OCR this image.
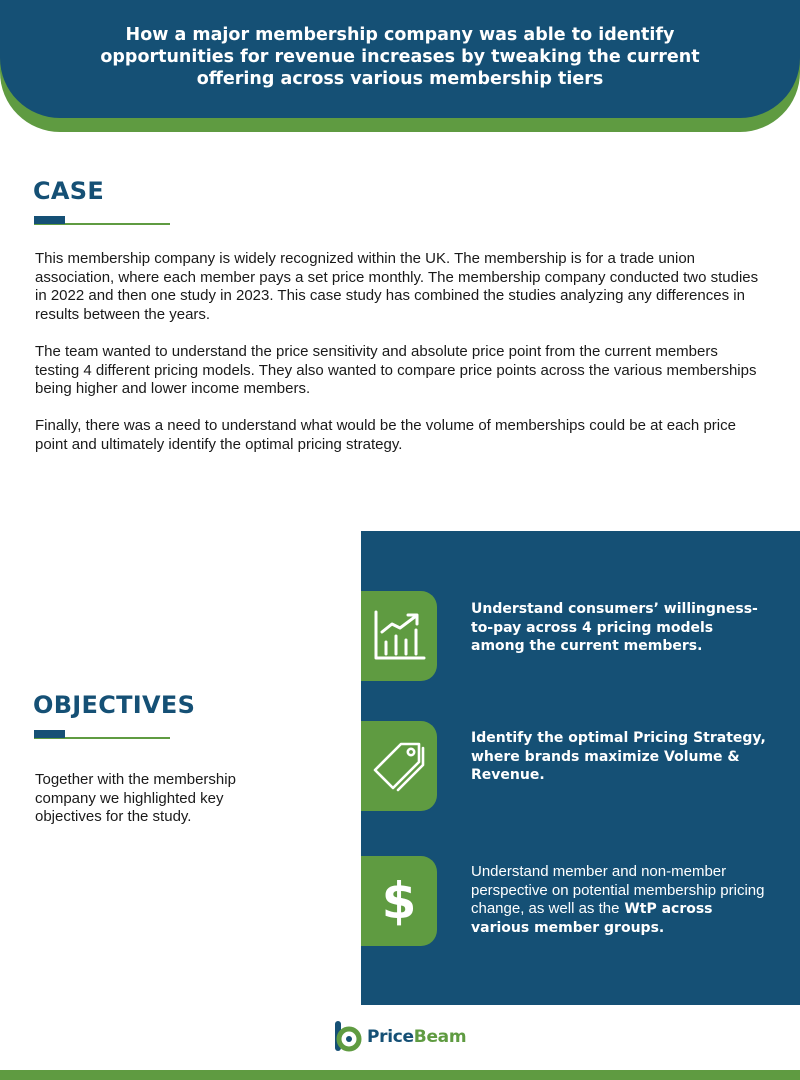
How a major membership company was able to identify opportunities for revenue increases by tweaking the current offering across various membership tiers
CASE

This membership company is widely recognized within the UK. The membership is for a trade union association, where each member pays a set price monthly. The membership company conducted two studies in 2022 and then one study in 2023. This case study has combined the studies analyzing any differences in results between the years.

The team wanted to understand the price sensitivity and absolute price point from the current members testing 4 different pricing models. They also wanted to compare price points across the various memberships being higher and lower income members.

Finally, there was a need to understand what would be the volume of memberships could be at each price point and ultimately identify the optimal pricing strategy.

OBJECTIVES
Together with the membership company we highlighted key objectives for the study.
Understand consumers’ willingness-to-pay across 4 pricing models among the current members.
Identify the optimal Pricing Strategy, where brands maximize Volume & Revenue.
$
Understand member and non-member perspective on potential membership pricing change, as well as the WtP across various member groups.
PriceBeam
